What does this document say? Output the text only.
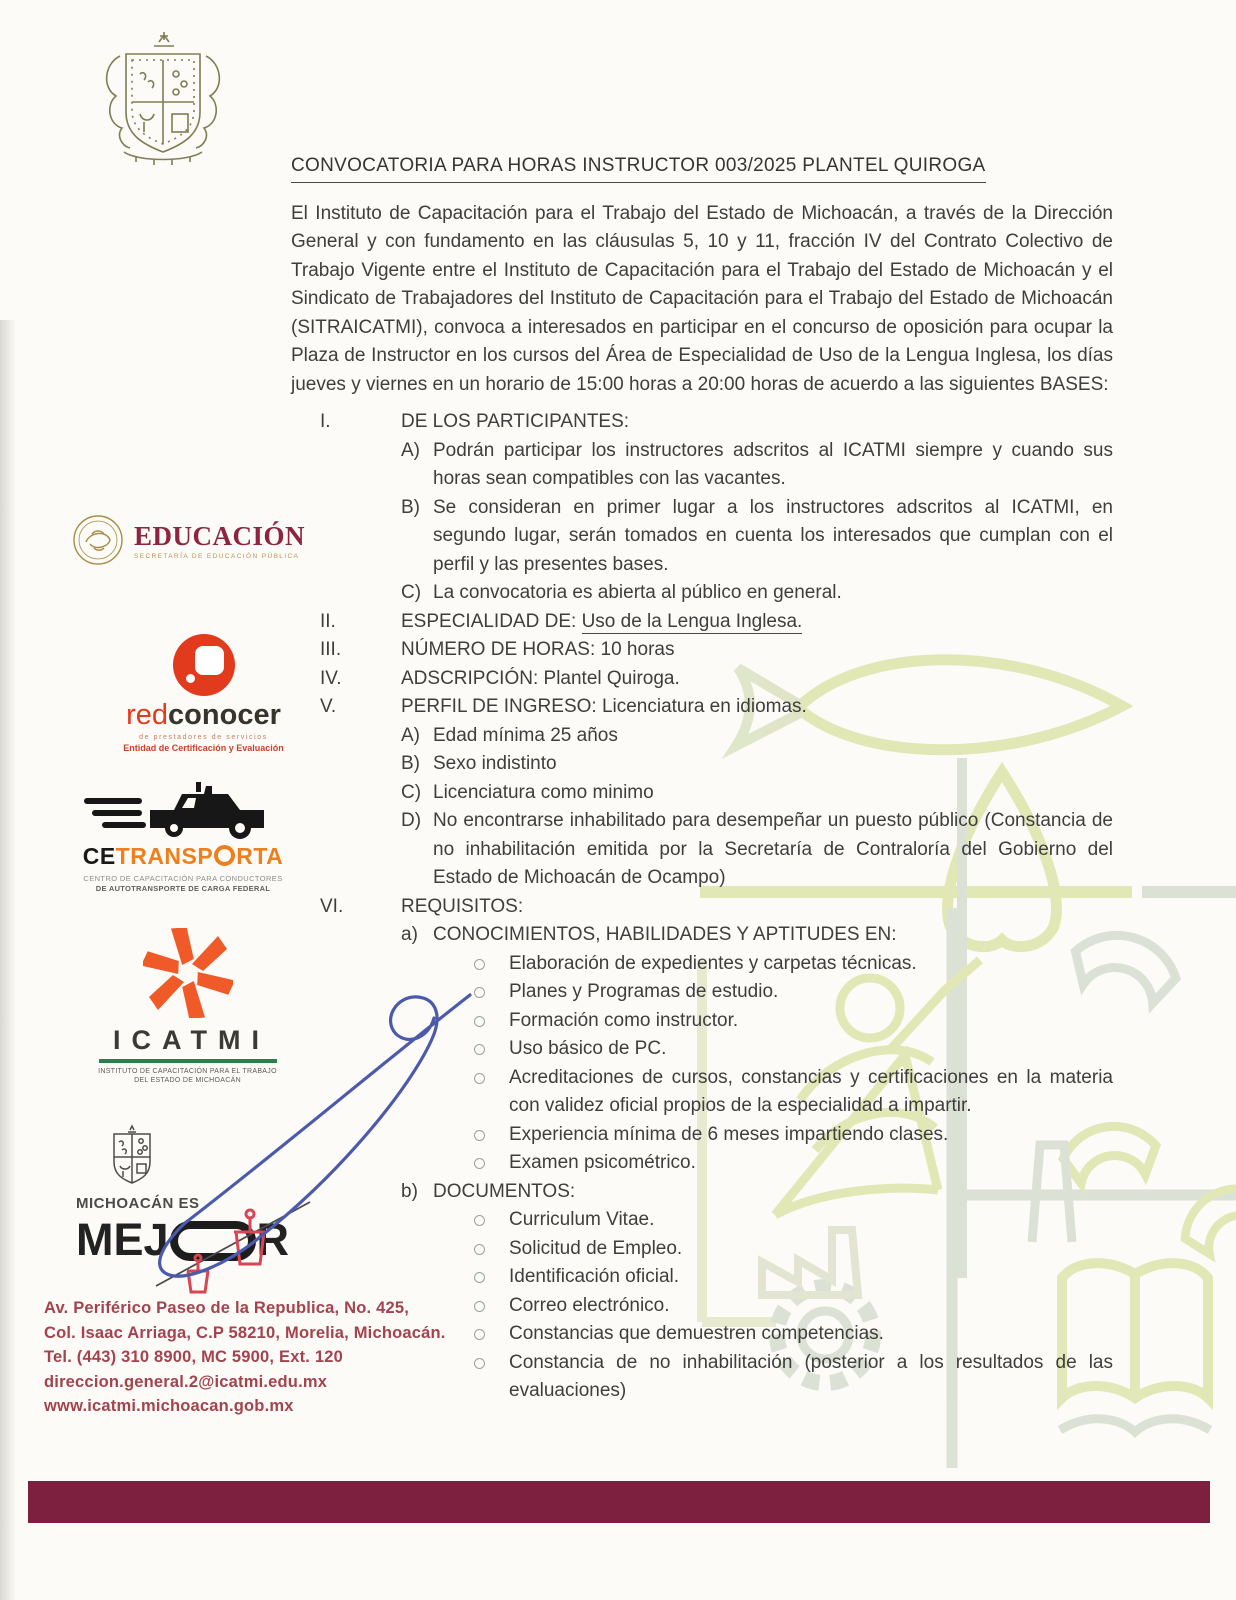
EDUCACIÓN
SECRETARÍA DE EDUCACIÓN PÚBLICA
redconocer
de prestadores de servicios
Entidad de Certificación y Evaluación
CETRANSP RTA
CENTRO DE CAPACITACIÓN PARA CONDUCTORES
DE AUTOTRANSPORTE DE CARGA FEDERAL
ICATMI
INSTITUTO DE CAPACITACIÓN PARA EL TRABAJO
DEL ESTADO DE MICHOACÁN
MICHOACÁN ES
MEJ R
CONVOCATORIA PARA HORAS INSTRUCTOR 003/2025 PLANTEL QUIROGA
El Instituto de Capacitación para el Trabajo del Estado de Michoacán, a través de la Dirección General y con fundamento en las cláusulas 5, 10 y 11, fracción IV del Contrato Colectivo de Trabajo Vigente entre el Instituto de Capacitación para el Trabajo del Estado de Michoacán y el Sindicato de Trabajadores del Instituto de Capacitación para el Trabajo del Estado de Michoacán (SITRAICATMI), convoca a interesados en participar en el concurso de oposición para ocupar la Plaza de Instructor en los cursos del Área de Especialidad de Uso de la Lengua Inglesa, los días jueves y viernes en un horario de 15:00 horas a 20:00 horas de acuerdo a las siguientes BASES:
I.	DE LOS PARTICIPANTES:
A) Podrán participar los instructores adscritos al ICATMI siempre y cuando sus horas sean compatibles con las vacantes.
B) Se consideran en primer lugar a los instructores adscritos al ICATMI, en segundo lugar, serán tomados en cuenta los interesados que cumplan con el perfil y las presentes bases.
C) La convocatoria es abierta al público en general.
II.	ESPECIALIDAD DE: Uso de la Lengua Inglesa.
III.	NÚMERO DE HORAS: 10 horas
IV.	ADSCRIPCIÓN: Plantel Quiroga.
V.	PERFIL DE INGRESO: Licenciatura en idiomas.
A) Edad mínima 25 años
B) Sexo indistinto
C) Licenciatura como minimo
D) No encontrarse inhabilitado para desempeñar un puesto público (Constancia de no inhabilitación emitida por la Secretaría de Contraloría del Gobierno del Estado de Michoacán de Ocampo)
VI.	REQUISITOS:
a) CONOCIMIENTOS, HABILIDADES Y APTITUDES EN:
Elaboración de expedientes y carpetas técnicas.
Planes y Programas de estudio.
Formación como instructor.
Uso básico de PC.
Acreditaciones de cursos, constancias y certificaciones en la materia con validez oficial propios de la especialidad a impartir.
Experiencia mínima de 6 meses impartiendo clases.
Examen psicométrico.
b) DOCUMENTOS:
Curriculum Vitae.
Solicitud de Empleo.
Identificación oficial.
Correo electrónico.
Constancias que demuestren competencias.
Constancia de no inhabilitación (posterior a los resultados de las evaluaciones)
Av. Periférico Paseo de la Republica, No. 425,
Col. Isaac Arriaga, C.P 58210, Morelia, Michoacán.
Tel. (443) 310 8900, MC 5900, Ext. 120
direccion.general.2@icatmi.edu.mx
www.icatmi.michoacan.gob.mx
